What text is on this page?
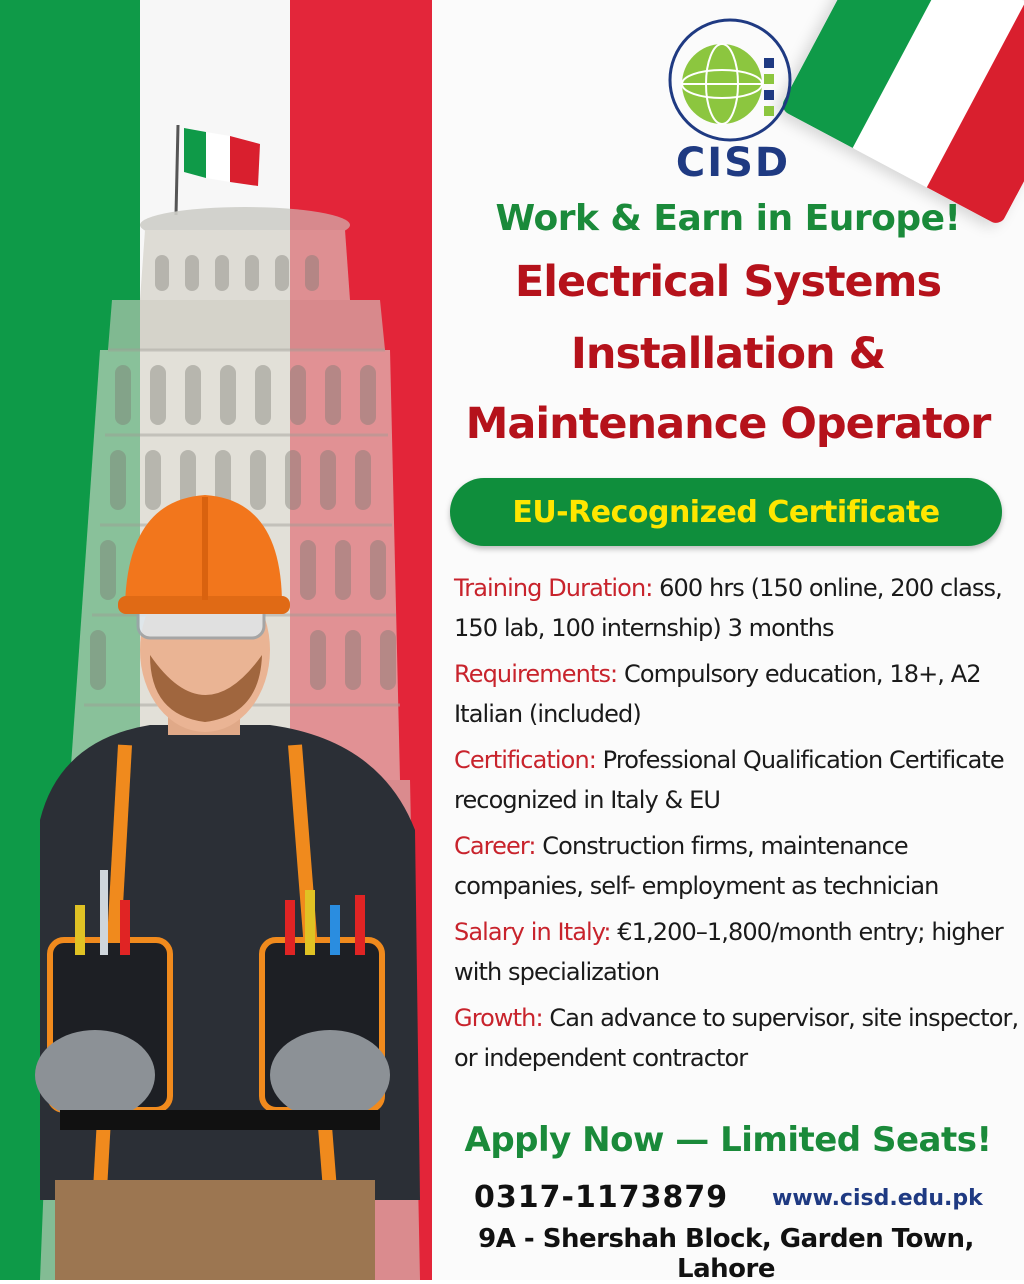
CISD
Work & Earn in Europe!
Electrical Systems
Installation &
Maintenance Operator
EU-Recognized Certificate
Training Duration: 600 hrs (150 online, 200 class, 150 lab, 100 internship) 3 months
Requirements: Compulsory education, 18+, A2 Italian (included)
Certification: Professional Qualification Certificate recognized in Italy & EU
Career: Construction firms, maintenance companies, self- employment as technician
Salary in Italy: €1,200–1,800/month entry; higher with specialization
Growth: Can advance to supervisor, site inspector, or independent contractor
Apply Now — Limited Seats!
0317-1173879 www.cisd.edu.pk
9A - Shershah Block, Garden Town, Lahore
